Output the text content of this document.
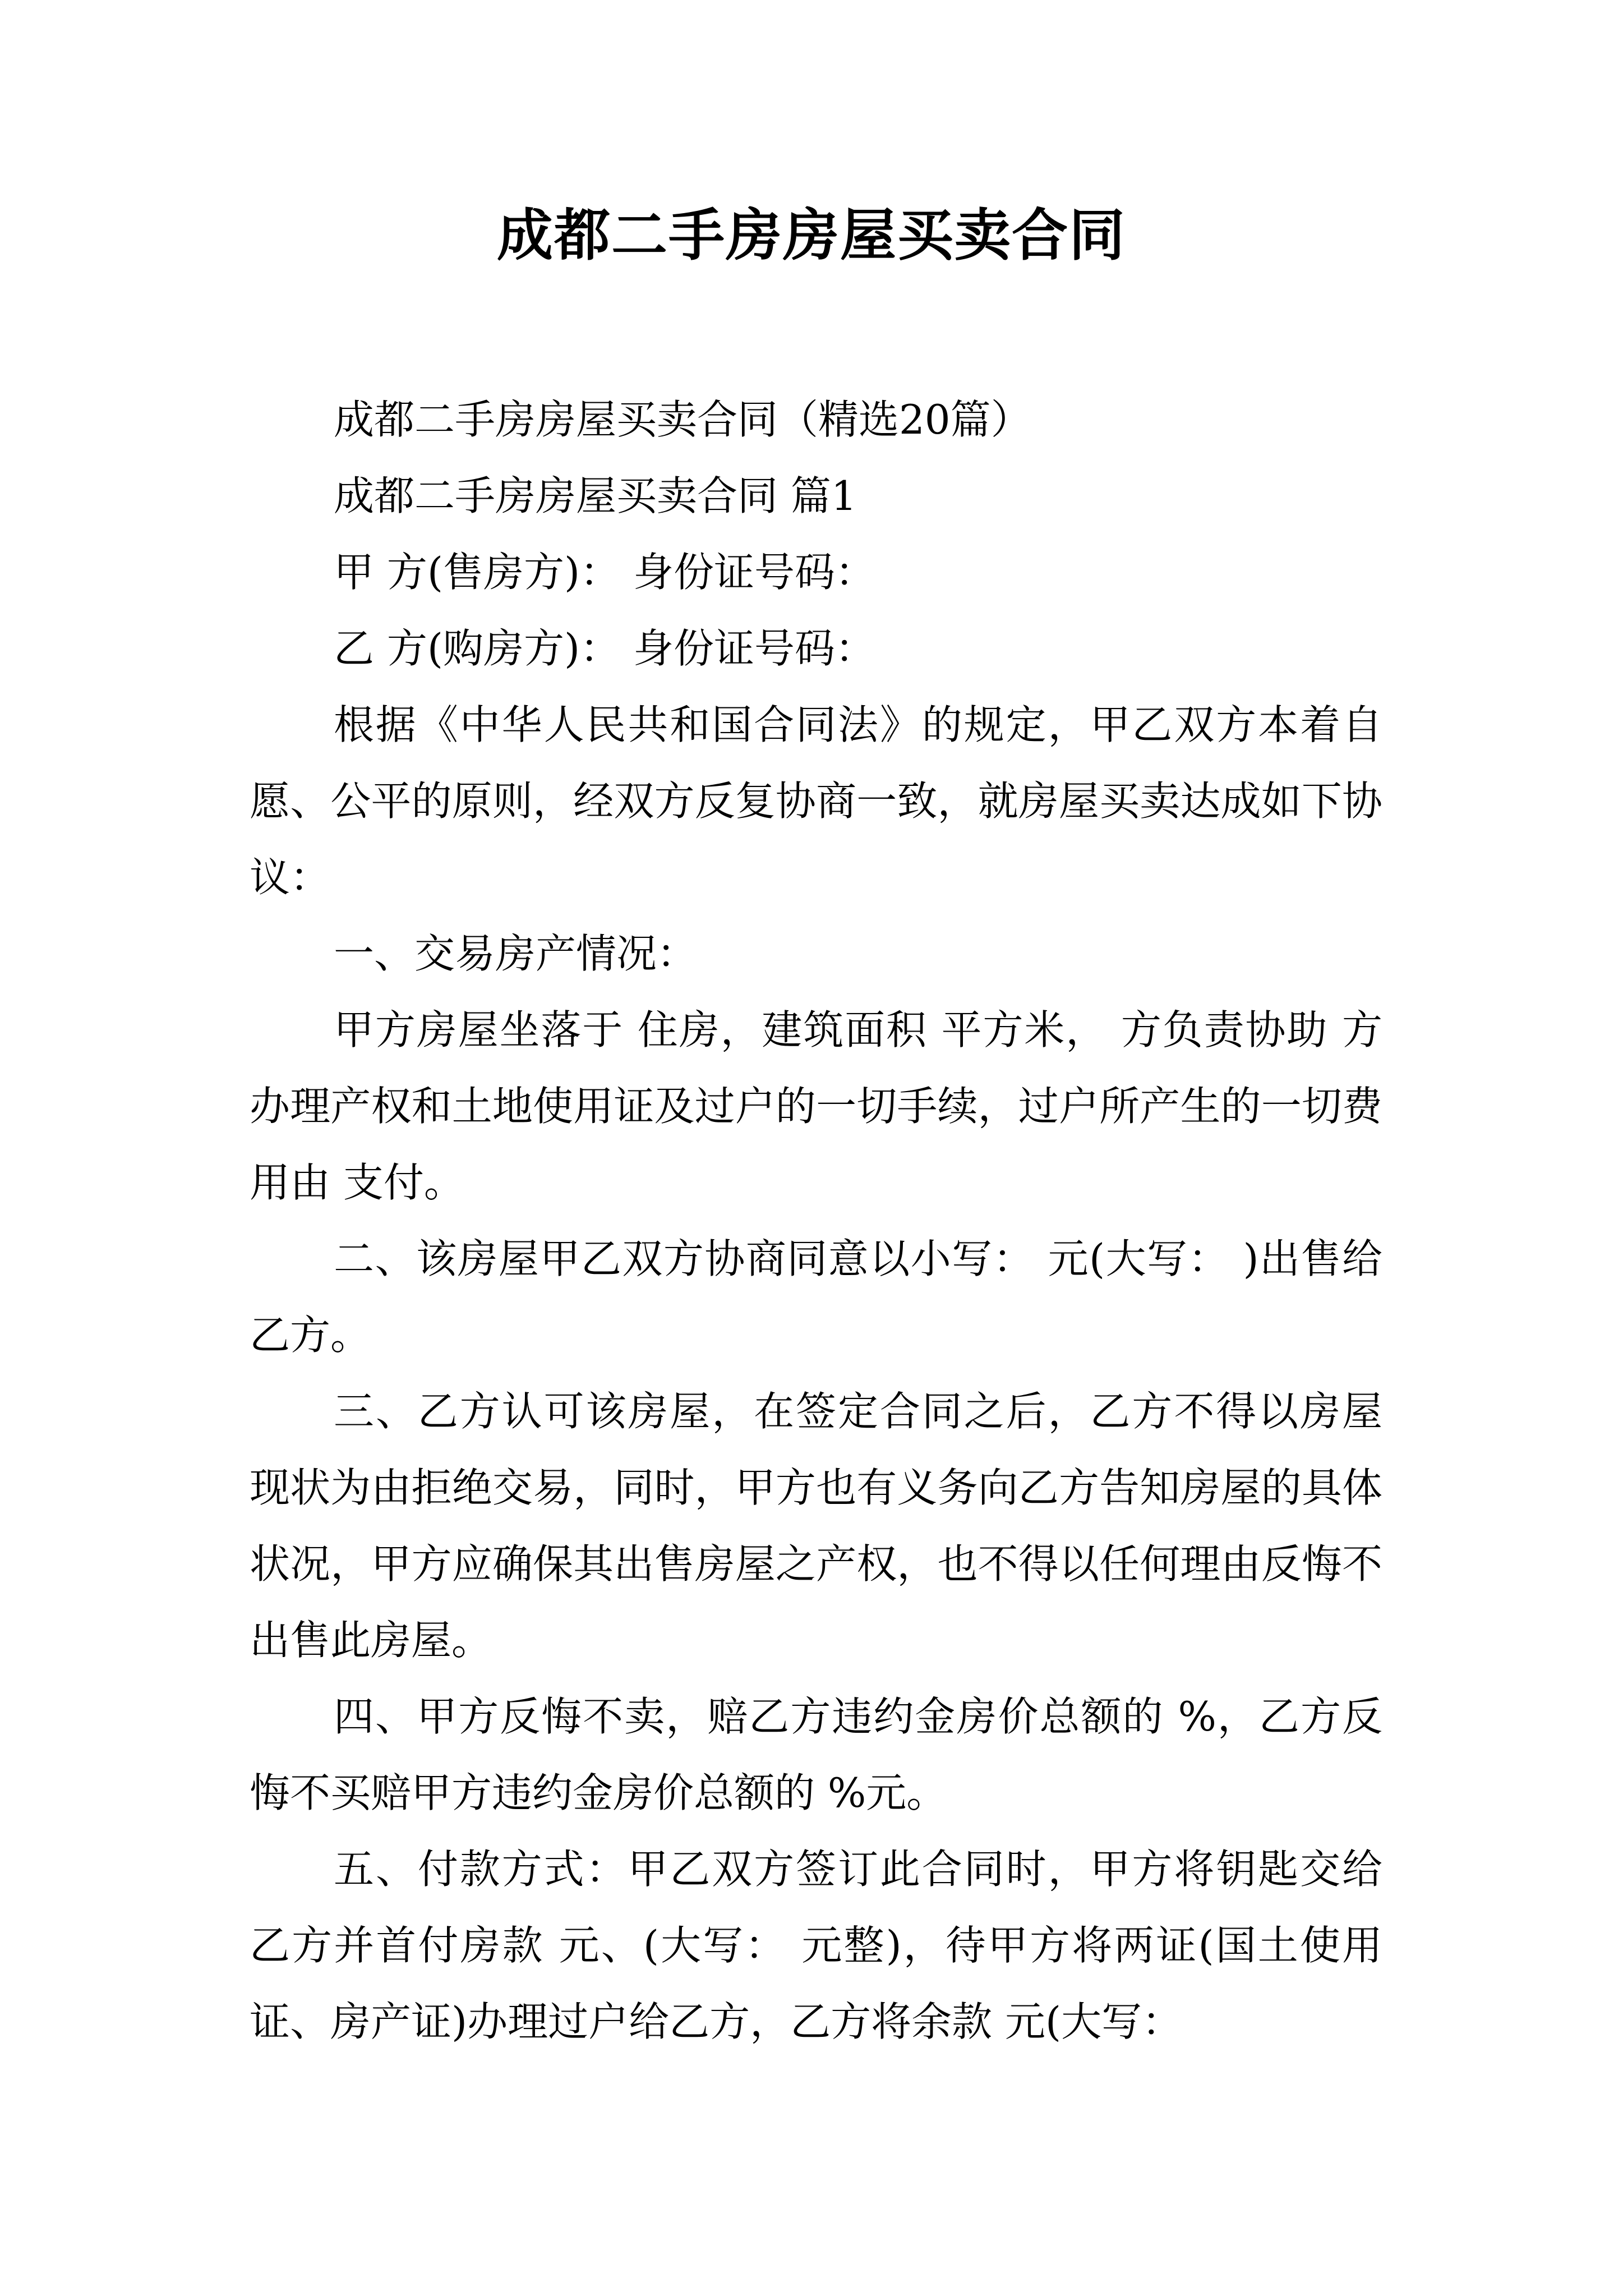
成都二手房房屋买卖合同

成都二手房房屋买卖合同（精选20篇）

成都二手房房屋买卖合同 篇1

甲 方(售房方)： 身份证号码：

乙 方(购房方)： 身份证号码：

根据《中华人民共和国合同法》的规定，甲乙双方本着自愿、公平的原则，经双方反复协商一致，就房屋买卖达成如下协议：

一、交易房产情况：

甲方房屋坐落于 住房，建筑面积 平方米， 方负责协助 方办理产权和土地使用证及过户的一切手续，过户所产生的一切费用由 支付。

二、该房屋甲乙双方协商同意以小写： 元(大写： )出售给乙方。

三、乙方认可该房屋，在签定合同之后，乙方不得以房屋现状为由拒绝交易，同时，甲方也有义务向乙方告知房屋的具体状况，甲方应确保其出售房屋之产权，也不得以任何理由反悔不出售此房屋。

四、甲方反悔不卖，赔乙方违约金房价总额的 %，乙方反悔不买赔甲方违约金房价总额的 %元。

五、付款方式：甲乙双方签订此合同时，甲方将钥匙交给乙方并首付房款 元、(大写： 元整)，待甲方将两证(国土使用证、房产证)办理过户给乙方，乙方将余款 元(大写：
